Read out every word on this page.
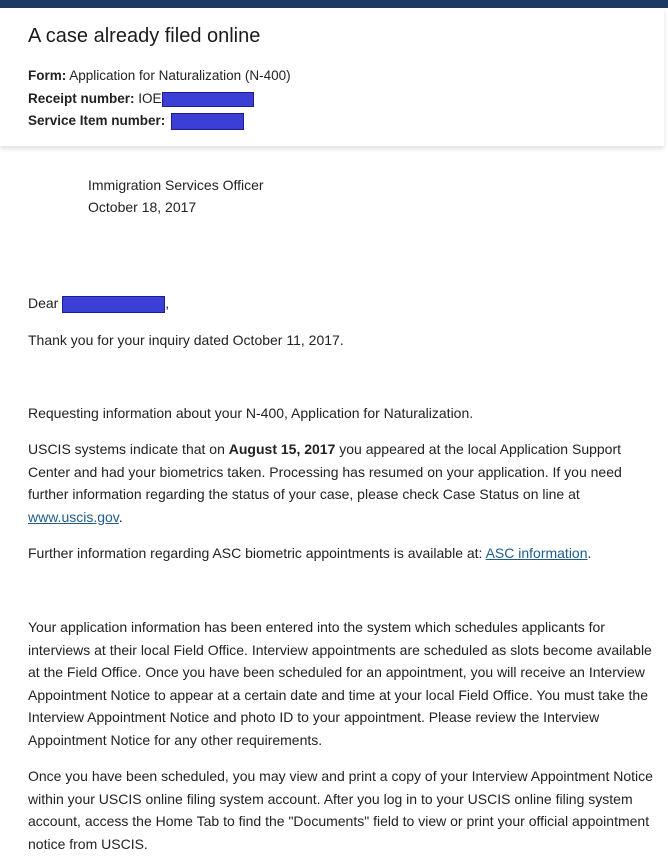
A case already filed online
Form: Application for Naturalization (N-400)
Receipt number: IOE
Service Item number:
Immigration Services Officer
October 18, 2017
Dear	,
Thank you for your inquiry dated October 11, 2017.
Requesting information about your N-400, Application for Naturalization.
USCIS systems indicate that on August 15, 2017 you appeared at the local Application Support Center and had your biometrics taken. Processing has resumed on your application. If you need further information regarding the status of your case, please check Case Status on line at www.uscis.gov.
Further information regarding ASC biometric appointments is available at: ASC information.
Your application information has been entered into the system which schedules applicants for interviews at their local Field Office. Interview appointments are scheduled as slots become available at the Field Office. Once you have been scheduled for an appointment, you will receive an Interview Appointment Notice to appear at a certain date and time at your local Field Office. You must take the Interview Appointment Notice and photo ID to your appointment. Please review the Interview Appointment Notice for any other requirements.
Once you have been scheduled, you may view and print a copy of your Interview Appointment Notice within your USCIS online filing system account. After you log in to your USCIS online filing system account, access the Home Tab to find the "Documents" field to view or print your official appointment notice from USCIS.
